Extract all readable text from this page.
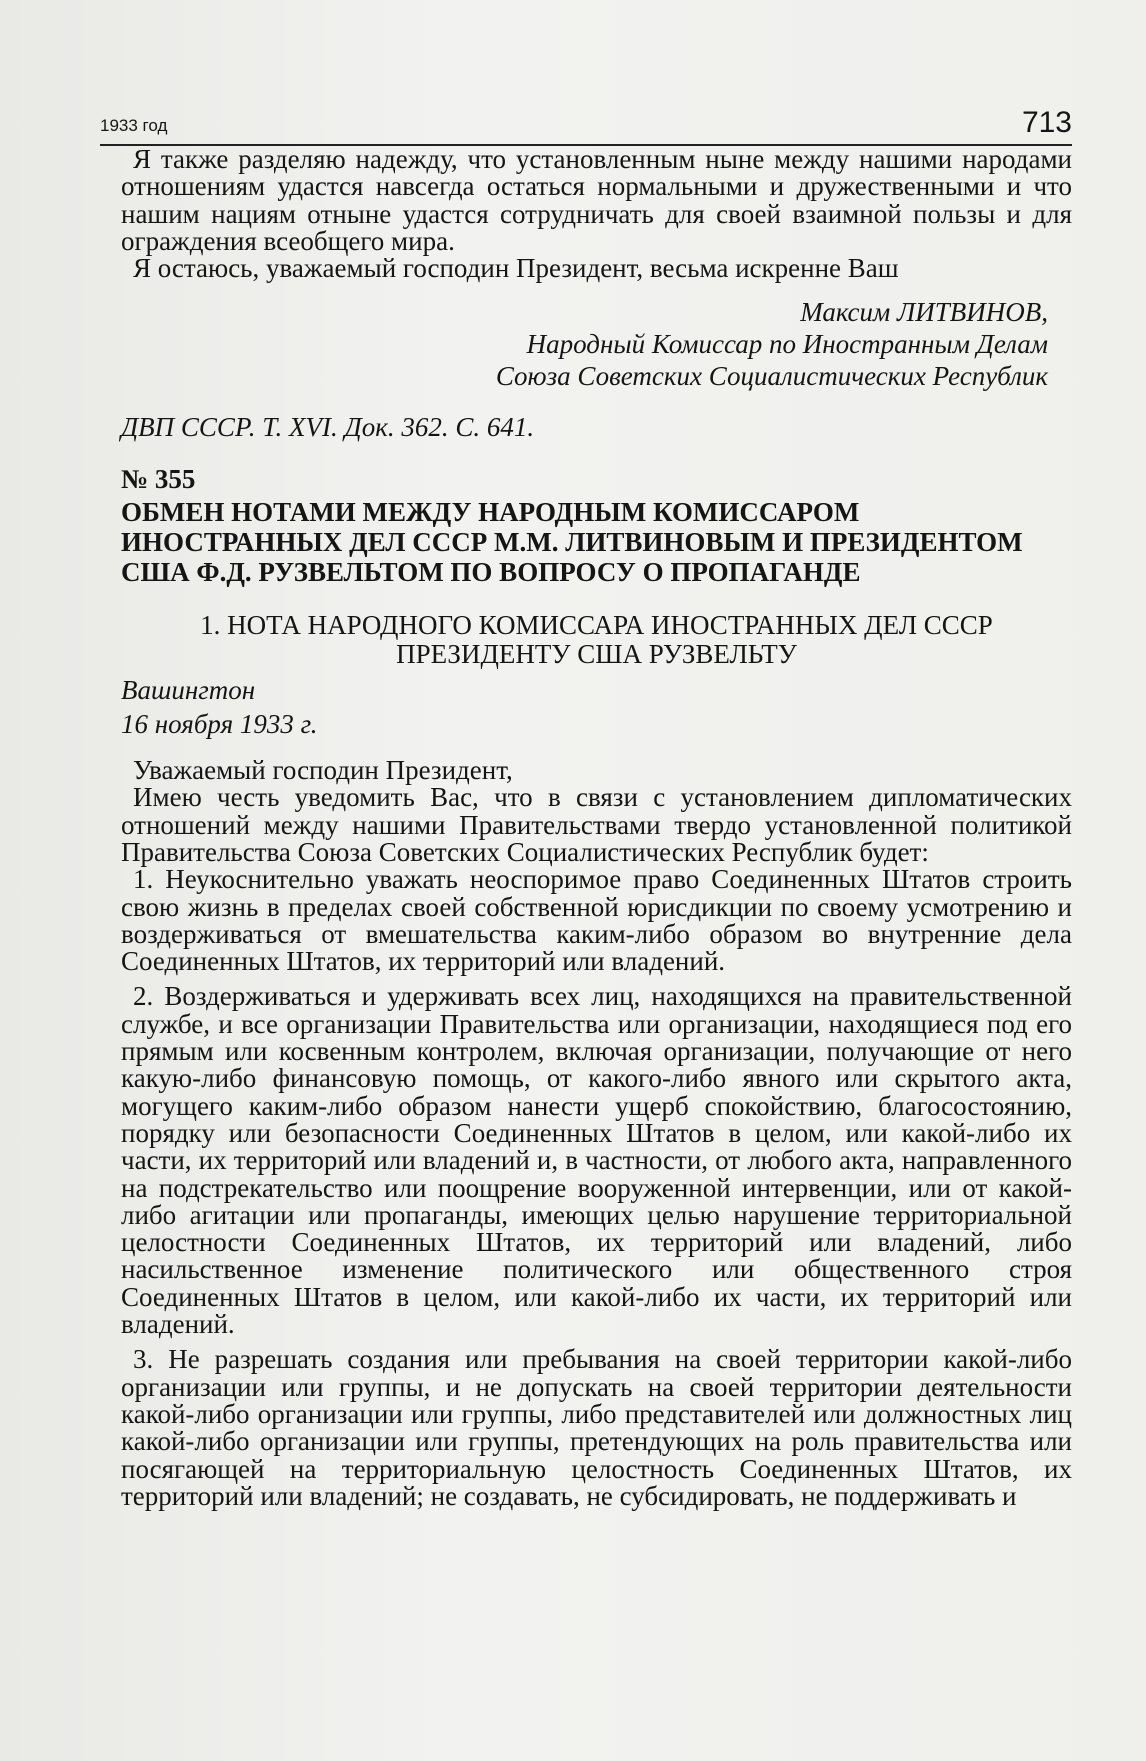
1933 год	713

Я также разделяю надежду, что установленным ныне между нашими народами отношениям удастся навсегда остаться нормальными и дружественными и что нашим нациям отныне удастся сотрудничать для своей взаимной пользы и для ограждения всеобщего мира.

Я остаюсь, уважаемый господин Президент, весьма искренне Ваш

Максим ЛИТВИНОВ,
Народный Комиссар по Иностранным Делам
Союза Советских Социалистических Республик
ДВП СССР. Т. XVI. Док. 362. С. 641.
№ 355
ОБМЕН НОТАМИ МЕЖДУ НАРОДНЫМ КОМИССАРОМ ИНОСТРАННЫХ ДЕЛ СССР М.М. ЛИТВИНОВЫМ И ПРЕЗИДЕНТОМ США Ф.Д. РУЗВЕЛЬТОМ ПО ВОПРОСУ О ПРОПАГАНДЕ
1. НОТА НАРОДНОГО КОМИССАРА ИНОСТРАННЫХ ДЕЛ СССР
ПРЕЗИДЕНТУ США РУЗВЕЛЬТУ
Вашингтон
16 ноября 1933 г.

Уважаемый господин Президент,

Имею честь уведомить Вас, что в связи с установлением дипломатических отношений между нашими Правительствами твердо установленной политикой Правительства Союза Советских Социалистических Республик будет:

1. Неукоснительно уважать неоспоримое право Соединенных Штатов строить свою жизнь в пределах своей собственной юрисдикции по своему усмотрению и воздерживаться от вмешательства каким-либо образом во внутренние дела Соединенных Штатов, их территорий или владений.

2. Воздерживаться и удерживать всех лиц, находящихся на правительственной службе, и все организации Правительства или организации, находящиеся под его прямым или косвенным контролем, включая организации, получающие от него какую-либо финансовую помощь, от какого-либо явного или скрытого акта, могущего каким-либо образом нанести ущерб спокойствию, благосостоянию, порядку или безопасности Соединенных Штатов в целом, или какой-либо их части, их территорий или владений и, в частности, от любого акта, направленного на подстрекательство или поощрение вооруженной интервенции, или от какой-либо агитации или пропаганды, имеющих целью нарушение территориальной целостности Соединенных Штатов, их территорий или владений, либо насильственное изменение политического или общественного строя Соединенных Штатов в целом, или какой-либо их части, их территорий или владений.

3. Не разрешать создания или пребывания на своей территории какой-либо организации или группы, и не допускать на своей территории деятельности какой-либо организации или группы, либо представителей или должностных лиц какой-либо организации или группы, претендующих на роль правительства или посягающей на территориальную целостность Соединенных Штатов, их территорий или владений; не создавать, не субсидировать, не поддерживать и
